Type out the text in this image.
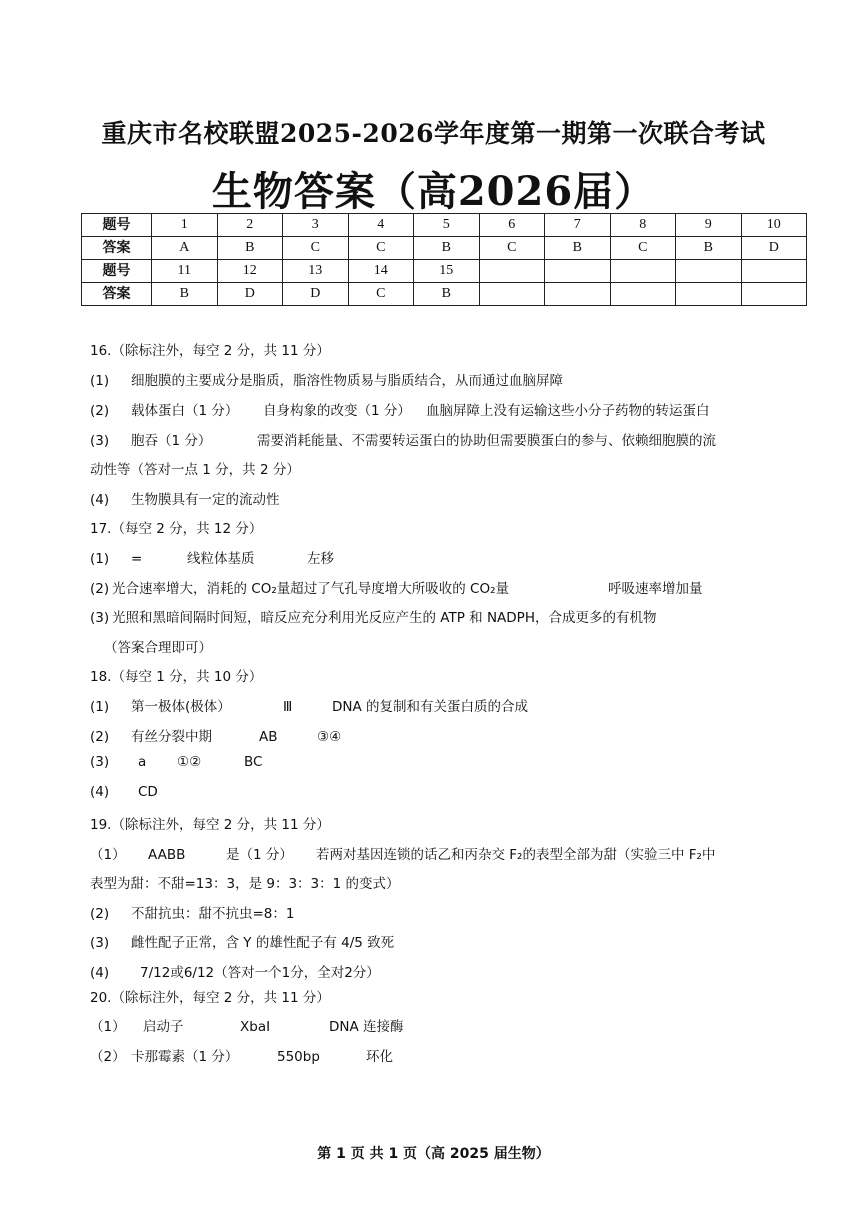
重庆市名校联盟2025-2026学年度第一期第一次联合考试
生物答案（高2026届）
题号	1	2	3	4	5	6	7	8	9	10
答案	A	B	C	C	B	C	B	C	B	D
题号	11	12	13	14	15					
答案	B	D	D	C	B					
16.（除标注外，每空 2 分，共 11 分）
(1) 细胞膜的主要成分是脂质，脂溶性物质易与脂质结合，从而通过血脑屏障
(2) 载体蛋白（1 分） 自身构象的改变（1 分） 血脑屏障上没有运输这些小分子药物的转运蛋白
(3) 胞吞（1 分）	需要消耗能量、不需要转运蛋白的协助但需要膜蛋白的参与、依赖细胞膜的流
动性等（答对一点 1 分，共 2 分）
(4) 生物膜具有一定的流动性
17.（每空 2 分，共 12 分）
(1) =	线粒体基质	左移
(2) 光合速率增大，消耗的 CO₂量超过了气孔导度增大所吸收的 CO₂量	呼吸速率增加量
(3) 光照和黑暗间隔时间短，暗反应充分利用光反应产生的 ATP 和 NADPH，合成更多的有机物
（答案合理即可）
18.（每空 1 分，共 10 分）
(1) 第一极体(极体）	Ⅲ	DNA 的复制和有关蛋白质的合成
(2) 有丝分裂中期	AB	③④
(3) a ①②	BC
(4) CD
19.（除标注外，每空 2 分，共 11 分）
（1） AABB	是（1 分） 若两对基因连锁的话乙和丙杂交 F₂的表型全部为甜（实验三中 F₂中
表型为甜：不甜=13：3，是 9：3：3：1 的变式）
(2) 不甜抗虫：甜不抗虫=8：1
(3) 雌性配子正常，含 Y 的雄性配子有 4/5 致死
(4) 7/12或6/12（答对一个1分，全对2分）
20.（除标注外，每空 2 分，共 11 分）
（1） 启动子	XbaI	DNA 连接酶
（2） 卡那霉素（1 分）	550bp	环化
第 1 页 共 1 页（高 2025 届生物）
